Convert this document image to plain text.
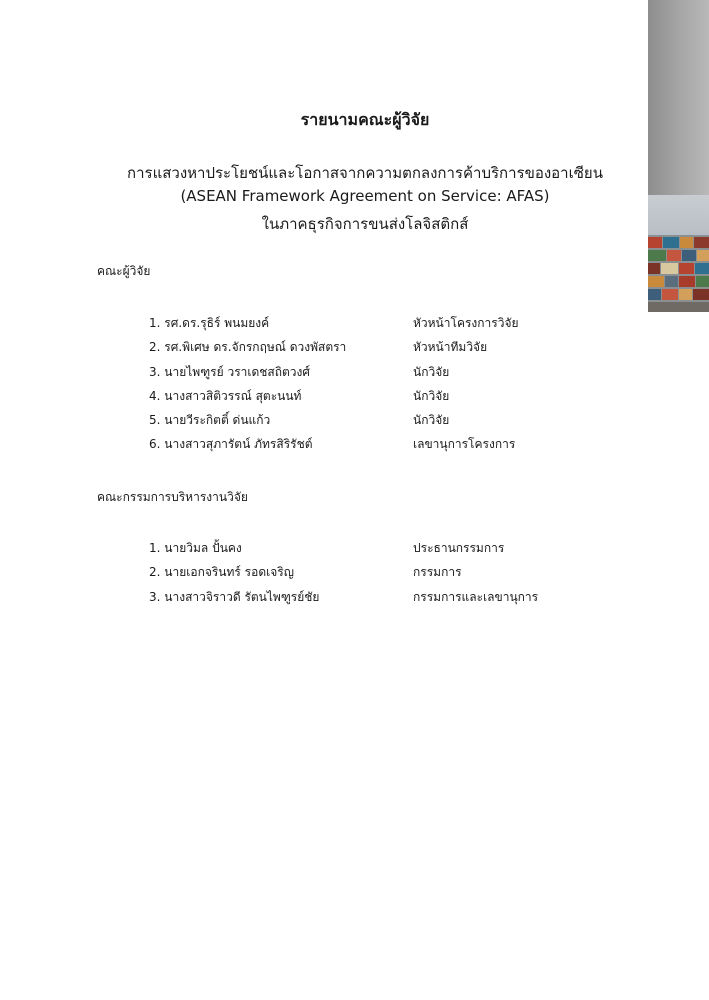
รายนามคณะผู้วิจัย

การแสวงหาประโยชน์และโอกาสจากความตกลงการค้าบริการของอาเซียน

(ASEAN Framework Agreement on Service: AFAS)

ในภาคธุรกิจการขนส่งโลจิสติกส์

คณะผู้วิจัย

1. รศ.ดร.รุธิร์ พนมยงค์	หัวหน้าโครงการวิจัย
2. รศ.พิเศษ ดร.จักรกฤษณ์ ดวงพัสตรา	หัวหน้าทีมวิจัย
3. นายไพฑูรย์ วราเดชสถิตวงศ์	นักวิจัย
4. นางสาวสิติวรรณ์ สุตะนนท์	นักวิจัย
5. นายวีระกิตติ์ ด่นแก้ว	นักวิจัย
6. นางสาวสุภารัตน์ ภัทรสิริรัชต์	เลขานุการโครงการ

คณะกรรมการบริหารงานวิจัย

1. นายวิมล ปั้นคง	ประธานกรรมการ
2. นายเอกจรินทร์ รอดเจริญ	กรรมการ
3. นางสาวจิราวดี รัตนไพฑูรย์ชัย	กรรมการและเลขานุการ
